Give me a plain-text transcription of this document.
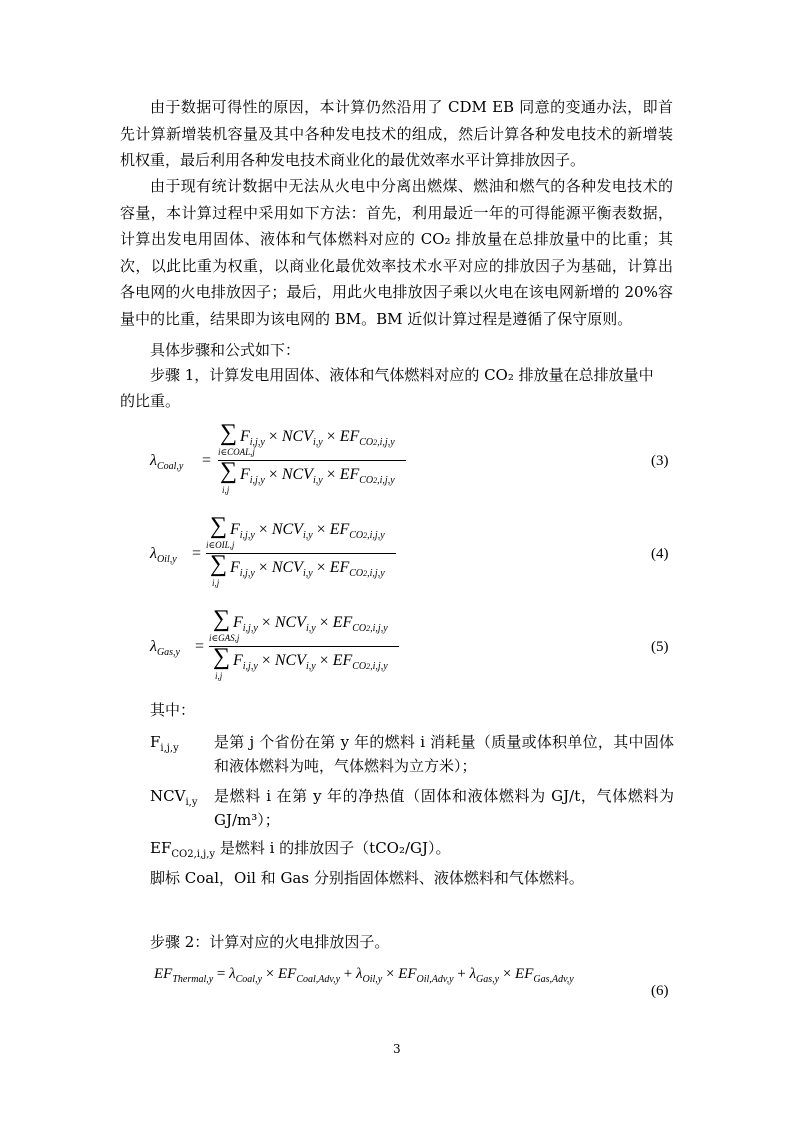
由于数据可得性的原因，本计算仍然沿用了 CDM EB 同意的变通办法，即首先计算新增装机容量及其中各种发电技术的组成，然后计算各种发电技术的新增装机权重，最后利用各种发电技术商业化的最优效率水平计算排放因子。

由于现有统计数据中无法从火电中分离出燃煤、燃油和燃气的各种发电技术的容量，本计算过程中采用如下方法：首先，利用最近一年的可得能源平衡表数据，计算出发电用固体、液体和气体燃料对应的 CO₂ 排放量在总排放量中的比重；其次，以此比重为权重，以商业化最优效率技术水平对应的排放因子为基础，计算出各电网的火电排放因子；最后，用此火电排放因子乘以火电在该电网新增的 20%容量中的比重，结果即为该电网的 BM。BM 近似计算过程是遵循了保守原则。

具体步骤和公式如下：

步骤 1，计算发电用固体、液体和气体燃料对应的 CO₂ 排放量在总排放量中

的比重。

$\lambda_{Coal,y}$ =
∑
i∈COAL,j
$F_{i,j,y} \times NCV_{i,y} \times EF_{CO2,i,j,y}$
∑
i,j
$F_{i,j,y} \times NCV_{i,y} \times EF_{CO2,i,j,y}$
(3)
$\lambda_{Oil,y}$ =
∑
i∈OIL,j
$F_{i,j,y} \times NCV_{i,y} \times EF_{CO2,i,j,y}$
∑
i,j
$F_{i,j,y} \times NCV_{i,y} \times EF_{CO2,i,j,y}$
(4)
$\lambda_{Gas,y}$ =
∑
i∈GAS,j
$F_{i,j,y} \times NCV_{i,y} \times EF_{CO2,i,j,y}$
∑
i,j
$F_{i,j,y} \times NCV_{i,y} \times EF_{CO2,i,j,y}$
(5)

其中：

$F_{i,j,y}$	是第 j 个省份在第 y 年的燃料 i 消耗量（质量或体积单位，其中固体和液体燃料为吨，气体燃料为立方米）；

$NCV_{i,y}$	是燃料 i 在第 y 年的净热值（固体和液体燃料为 GJ/t，气体燃料为 GJ/m³）；

$EF_{CO2,i,j,y}$ 是燃料 i 的排放因子（tCO₂/GJ）。

脚标 Coal，Oil 和 Gas 分别指固体燃料、液体燃料和气体燃料。

步骤 2：计算对应的火电排放因子。

$EF_{Thermal,y} = \lambda_{Coal,y} \times EF_{Coal,Adv,y} + \lambda_{Oil,y} \times EF_{Oil,Adv,y} + \lambda_{Gas,y} \times EF_{Gas,Adv,y}$
(6)
3
